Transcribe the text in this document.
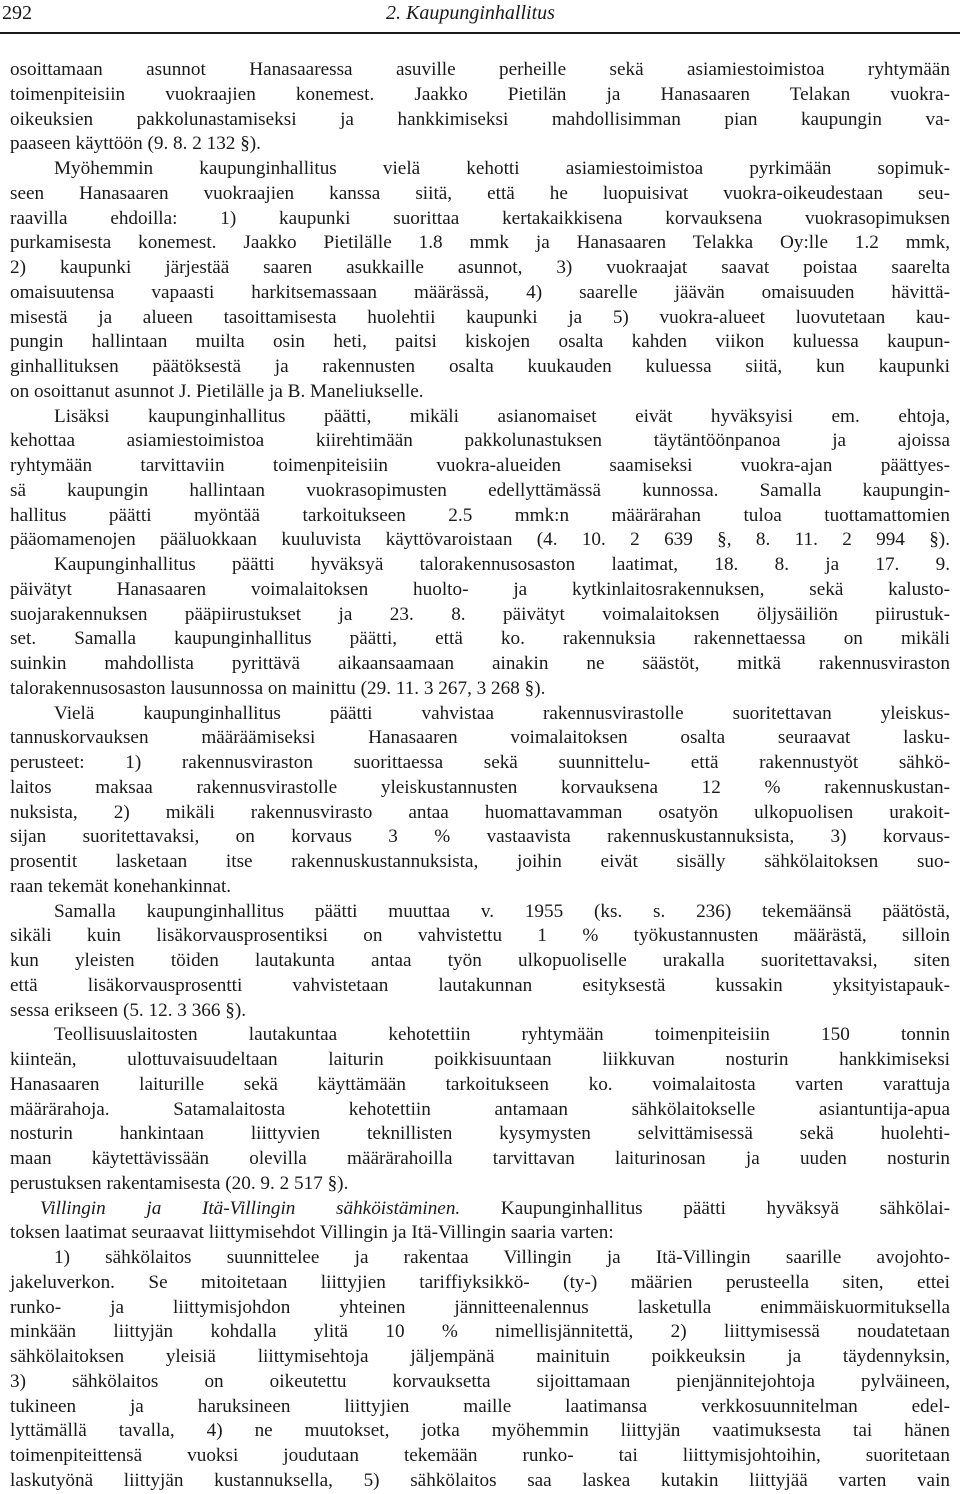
292	2. Kaupunginhallitus
osoittamaan asunnot Hanasaaressa asuville perheille sekä asiamiestoimistoa ryhtymään
toimenpiteisiin vuokraajien konemest. Jaakko Pietilän ja Hanasaaren Telakan vuokra-
oikeuksien pakkolunastamiseksi ja hankkimiseksi mahdollisimman pian kaupungin va-
paaseen käyttöön (9. 8. 2 132 §).
Myöhemmin kaupunginhallitus vielä kehotti asiamiestoimistoa pyrkimään sopimuk-
seen Hanasaaren vuokraajien kanssa siitä, että he luopuisivat vuokra-oikeudestaan seu-
raavilla ehdoilla: 1) kaupunki suorittaa kertakaikkisena korvauksena vuokrasopimuksen
purkamisesta konemest. Jaakko Pietilälle 1.8 mmk ja Hanasaaren Telakka Oy:lle 1.2 mmk,
2) kaupunki järjestää saaren asukkaille asunnot, 3) vuokraajat saavat poistaa saarelta
omaisuutensa vapaasti harkitsemassaan määrässä, 4) saarelle jäävän omaisuuden hävittä-
misestä ja alueen tasoittamisesta huolehtii kaupunki ja 5) vuokra-alueet luovutetaan kau-
pungin hallintaan muilta osin heti, paitsi kiskojen osalta kahden viikon kuluessa kaupun-
ginhallituksen päätöksestä ja rakennusten osalta kuukauden kuluessa siitä, kun kaupunki
on osoittanut asunnot J. Pietilälle ja B. Maneliukselle.
Lisäksi kaupunginhallitus päätti, mikäli asianomaiset eivät hyväksyisi em. ehtoja,
kehottaa asiamiestoimistoa kiirehtimään pakkolunastuksen täytäntöönpanoa ja ajoissa
ryhtymään tarvittaviin toimenpiteisiin vuokra-alueiden saamiseksi vuokra-ajan päättyes-
sä kaupungin hallintaan vuokrasopimusten edellyttämässä kunnossa. Samalla kaupungin-
hallitus päätti myöntää tarkoitukseen 2.5 mmk:n määrärahan tuloa tuottamattomien
pääomamenojen pääluokkaan kuuluvista käyttövaroistaan (4. 10. 2 639 §, 8. 11. 2 994 §).
Kaupunginhallitus päätti hyväksyä talorakennusosaston laatimat, 18. 8. ja 17. 9.
päivätyt Hanasaaren voimalaitoksen huolto- ja kytkinlaitosrakennuksen, sekä kalusto-
suojarakennuksen pääpiirustukset ja 23. 8. päivätyt voimalaitoksen öljysäiliön piirustuk-
set. Samalla kaupunginhallitus päätti, että ko. rakennuksia rakennettaessa on mikäli
suinkin mahdollista pyrittävä aikaansaamaan ainakin ne säästöt, mitkä rakennusviraston
talorakennusosaston lausunnossa on mainittu (29. 11. 3 267, 3 268 §).
Vielä kaupunginhallitus päätti vahvistaa rakennusvirastolle suoritettavan yleiskus-
tannuskorvauksen määräämiseksi Hanasaaren voimalaitoksen osalta seuraavat lasku-
perusteet: 1) rakennusviraston suorittaessa sekä suunnittelu- että rakennustyöt sähkö-
laitos maksaa rakennusvirastolle yleiskustannusten korvauksena 12 % rakennuskustan-
nuksista, 2) mikäli rakennusvirasto antaa huomattavamman osatyön ulkopuolisen urakoit-
sijan suoritettavaksi, on korvaus 3 % vastaavista rakennuskustannuksista, 3) korvaus-
prosentit lasketaan itse rakennuskustannuksista, joihin eivät sisälly sähkölaitoksen suo-
raan tekemät konehankinnat.
Samalla kaupunginhallitus päätti muuttaa v. 1955 (ks. s. 236) tekemäänsä päätöstä,
sikäli kuin lisäkorvausprosentiksi on vahvistettu 1 % työkustannusten määrästä, silloin
kun yleisten töiden lautakunta antaa työn ulkopuoliselle urakalla suoritettavaksi, siten
että lisäkorvausprosentti vahvistetaan lautakunnan esityksestä kussakin yksityistapauk-
sessa erikseen (5. 12. 3 366 §).
Teollisuuslaitosten lautakuntaa kehotettiin ryhtymään toimenpiteisiin 150 tonnin
kiinteän, ulottuvaisuudeltaan laiturin poikkisuuntaan liikkuvan nosturin hankkimiseksi
Hanasaaren laiturille sekä käyttämään tarkoitukseen ko. voimalaitosta varten varattuja
määrärahoja. Satamalaitosta kehotettiin antamaan sähkölaitokselle asiantuntija-apua
nosturin hankintaan liittyvien teknillisten kysymysten selvittämisessä sekä huolehti-
maan käytettävissään olevilla määrärahoilla tarvittavan laiturinosan ja uuden nosturin
perustuksen rakentamisesta (20. 9. 2 517 §).
Villingin ja Itä-Villingin sähköistäminen. Kaupunginhallitus päätti hyväksyä sähkölai-
toksen laatimat seuraavat liittymisehdot Villingin ja Itä-Villingin saaria varten:
1) sähkölaitos suunnittelee ja rakentaa Villingin ja Itä-Villingin saarille avojohto-
jakeluverkon. Se mitoitetaan liittyjien tariffiyksikkö- (ty-) määrien perusteella siten, ettei
runko- ja liittymisjohdon yhteinen jännitteenalennus lasketulla enimmäiskuormituksella
minkään liittyjän kohdalla ylitä 10 % nimellisjännitettä, 2) liittymisessä noudatetaan
sähkölaitoksen yleisiä liittymisehtoja jäljempänä mainituin poikkeuksin ja täydennyksin,
3) sähkölaitos on oikeutettu korvauksetta sijoittamaan pienjännitejohtoja pylväineen,
tukineen ja haruksineen liittyjien maille laatimansa verkkosuunnitelman edel-
lyttämällä tavalla, 4) ne muutokset, jotka myöhemmin liittyjän vaatimuksesta tai hänen
toimenpiteittensä vuoksi joudutaan tekemään runko- tai liittymisjohtoihin, suoritetaan
laskutyönä liittyjän kustannuksella, 5) sähkölaitos saa laskea kutakin liittyjää varten vain
